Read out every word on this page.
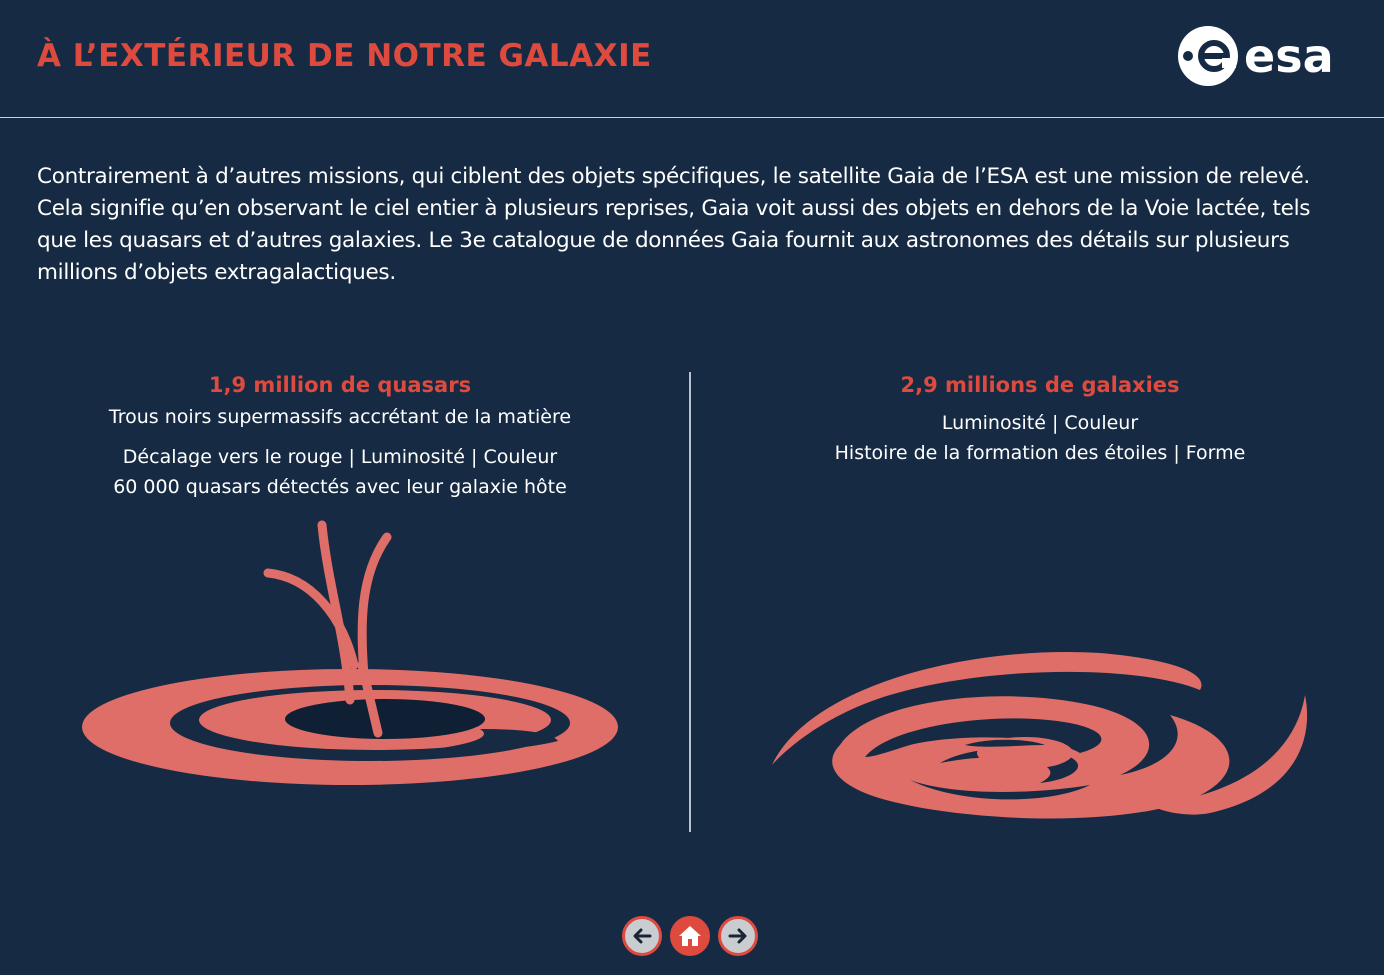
À L’EXTÉRIEUR DE NOTRE GALAXIE	esa

Contrairement à d’autres missions, qui ciblent des objets spécifiques, le satellite Gaia de l’ESA est une mission de relevé. Cela signifie qu’en observant le ciel entier à plusieurs reprises, Gaia voit aussi des objets en dehors de la Voie lactée, tels que les quasars et d’autres galaxies. Le 3e catalogue de données Gaia fournit aux astronomes des détails sur plusieurs millions d’objets extragalactiques.

1,9 million de quasars

Trous noirs supermassifs accrétant de la matière

Décalage vers le rouge | Luminosité | Couleur

60 000 quasars détectés avec leur galaxie hôte

2,9 millions de galaxies

Luminosité | Couleur

Histoire de la formation des étoiles | Forme
